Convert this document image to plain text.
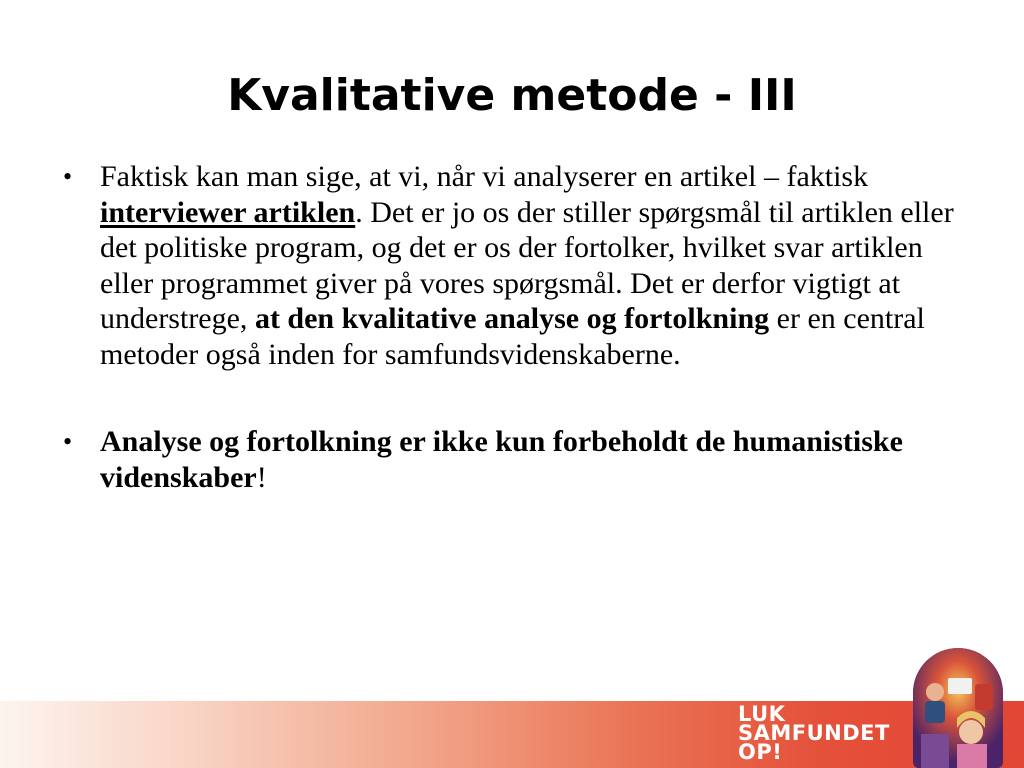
Kvalitative metode - III
• Faktisk kan man sige, at vi, når vi analyserer en artikel – faktisk interviewer artiklen. Det er jo os der stiller spørgsmål til artiklen eller det politiske program, og det er os der fortolker, hvilket svar artiklen eller programmet giver på vores spørgsmål. Det er derfor vigtigt at understrege, at den kvalitative analyse og fortolkning er en central metoder også inden for samfundsvidenskaberne.
• Analyse og fortolkning er ikke kun forbeholdt de humanistiske videnskaber!
LUK
SAMFUNDET
OP!
